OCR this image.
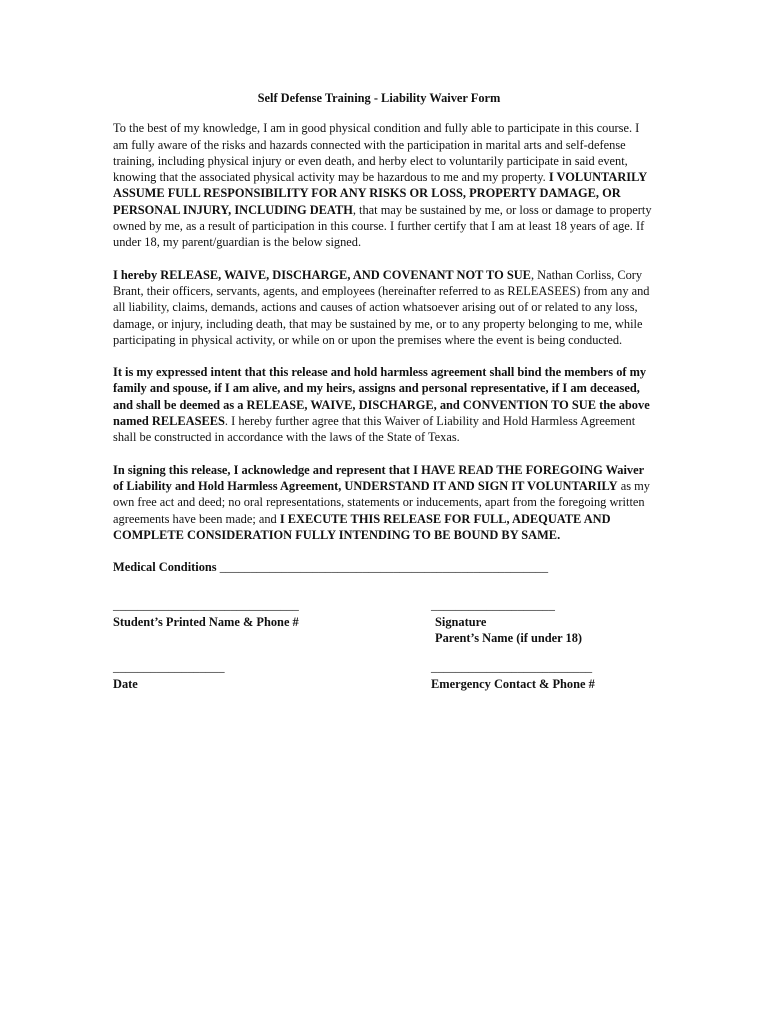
Self Defense Training - Liability Waiver Form

To the best of my knowledge, I am in good physical condition and fully able to participate in this course. I am fully aware of the risks and hazards connected with the participation in marital arts and self-defense training, including physical injury or even death, and herby elect to voluntarily participate in said event, knowing that the associated physical activity may be hazardous to me and my property. I VOLUNTARILY ASSUME FULL RESPONSIBILITY FOR ANY RISKS OR LOSS, PROPERTY DAMAGE, OR PERSONAL INJURY, INCLUDING DEATH, that may be sustained by me, or loss or damage to property owned by me, as a result of participation in this course. I further certify that I am at least 18 years of age. If under 18, my parent/guardian is the below signed.

I hereby RELEASE, WAIVE, DISCHARGE, AND COVENANT NOT TO SUE, Nathan Corliss, Cory Brant, their officers, servants, agents, and employees (hereinafter referred to as RELEASEES) from any and all liability, claims, demands, actions and causes of action whatsoever arising out of or related to any loss, damage, or injury, including death, that may be sustained by me, or to any property belonging to me, while participating in physical activity, or while on or upon the premises where the event is being conducted.

It is my expressed intent that this release and hold harmless agreement shall bind the members of my family and spouse, if I am alive, and my heirs, assigns and personal representative, if I am deceased, and shall be deemed as a RELEASE, WAIVE, DISCHARGE, and CONVENTION TO SUE the above named RELEASEES. I hereby further agree that this Waiver of Liability and Hold Harmless Agreement shall be constructed in accordance with the laws of the State of Texas.

In signing this release, I acknowledge and represent that I HAVE READ THE FOREGOING Waiver of Liability and Hold Harmless Agreement, UNDERSTAND IT AND SIGN IT VOLUNTARILY as my own free act and deed; no oral representations, statements or inducements, apart from the foregoing written agreements have been made; and I EXECUTE THIS RELEASE FOR FULL, ADEQUATE AND COMPLETE CONSIDERATION FULLY INTENDING TO BE BOUND BY SAME.

Medical Conditions _____________________________________________________
______________________________
Student’s Printed Name & Phone #
____________________
Signature
Parent’s Name (if under 18)
__________________
Date
__________________________
Emergency Contact & Phone #
